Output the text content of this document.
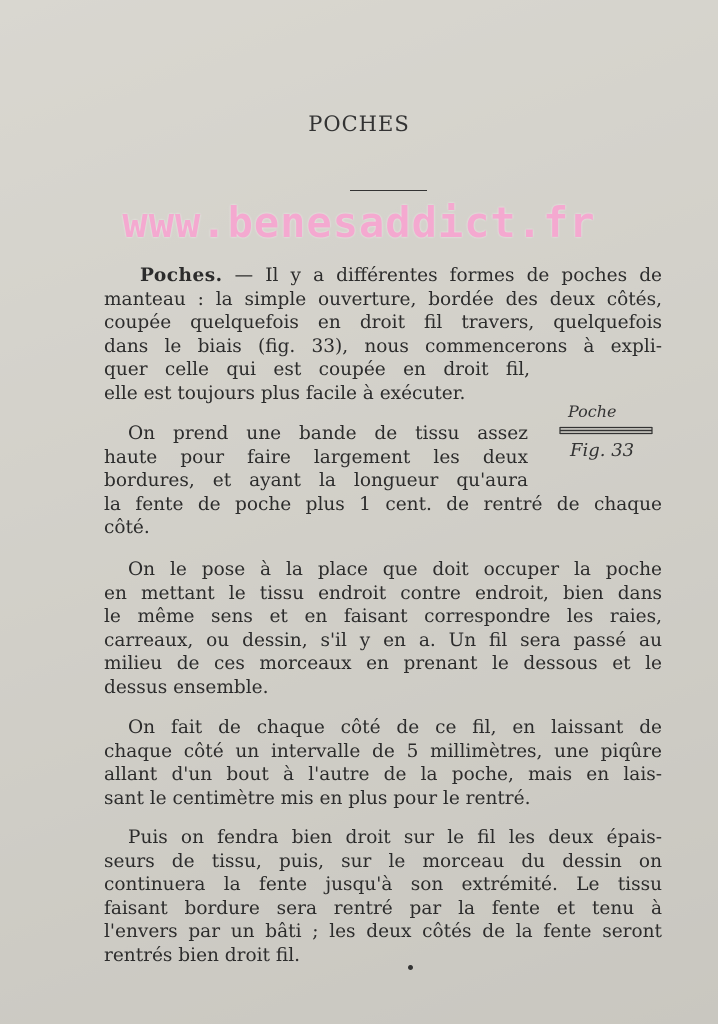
POCHES
www.benesaddict.fr
Poches. — Il y a différentes formes de poches de
manteau : la simple ouverture, bordée des deux côtés,
coupée quelquefois en droit fil travers, quelquefois
dans le biais (fig. 33), nous commencerons à expli-
quer celle qui est coupée en droit fil,
elle est toujours plus facile à exécuter.
Poche
Fig. 33
On prend une bande de tissu assez
haute pour faire largement les deux
bordures, et ayant la longueur qu'aura
la fente de poche plus 1 cent. de rentré de chaque
côté.
On le pose à la place que doit occuper la poche
en mettant le tissu endroit contre endroit, bien dans
le même sens et en faisant correspondre les raies,
carreaux, ou dessin, s'il y en a. Un fil sera passé au
milieu de ces morceaux en prenant le dessous et le
dessus ensemble.
On fait de chaque côté de ce fil, en laissant de
chaque côté un intervalle de 5 millimètres, une piqûre
allant d'un bout à l'autre de la poche, mais en lais-
sant le centimètre mis en plus pour le rentré.
Puis on fendra bien droit sur le fil les deux épais-
seurs de tissu, puis, sur le morceau du dessin on
continuera la fente jusqu'à son extrémité. Le tissu
faisant bordure sera rentré par la fente et tenu à
l'envers par un bâti ; les deux côtés de la fente seront
rentrés bien droit fil.
